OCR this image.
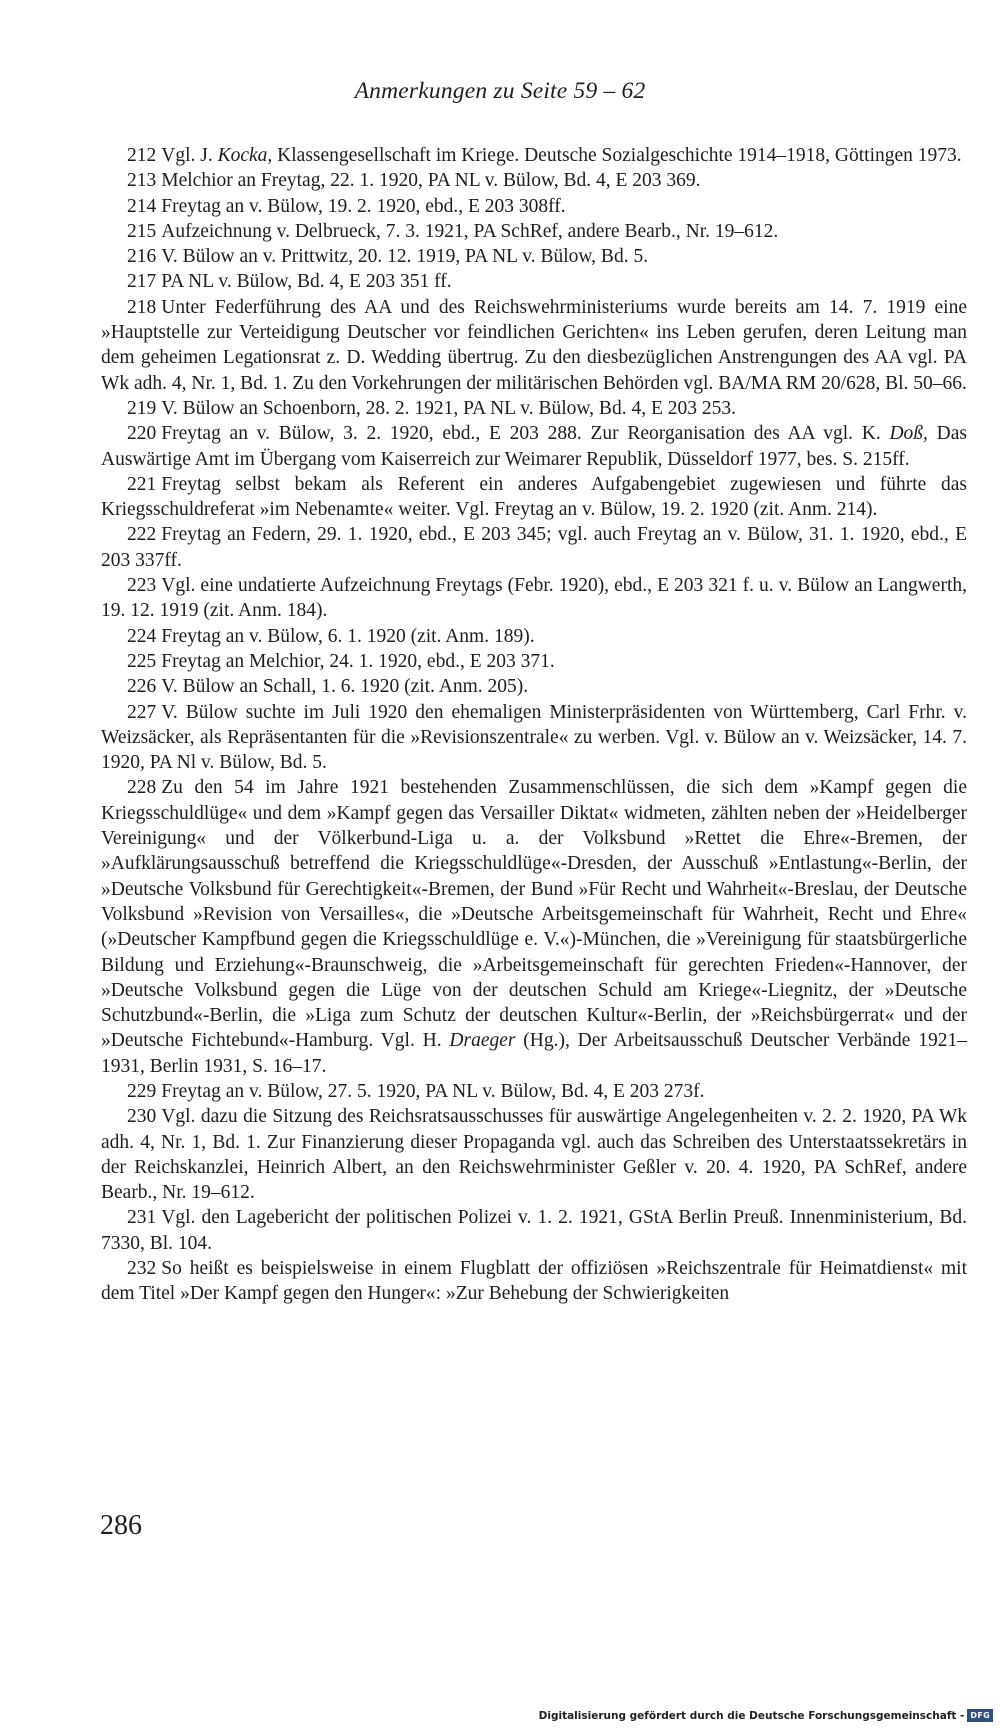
Anmerkungen zu Seite 59 – 62

212 Vgl. J. Kocka, Klassengesellschaft im Kriege. Deutsche Sozialgeschichte 1914–1918, Göttingen 1973.

213 Melchior an Freytag, 22. 1. 1920, PA NL v. Bülow, Bd. 4, E 203 369.

214 Freytag an v. Bülow, 19. 2. 1920, ebd., E 203 308ff.

215 Aufzeichnung v. Delbrueck, 7. 3. 1921, PA SchRef, andere Bearb., Nr. 19–612.

216 V. Bülow an v. Prittwitz, 20. 12. 1919, PA NL v. Bülow, Bd. 5.

217 PA NL v. Bülow, Bd. 4, E 203 351 ff.

218 Unter Federführung des AA und des Reichswehrministeriums wurde bereits am 14. 7. 1919 eine »Hauptstelle zur Verteidigung Deutscher vor feindlichen Gerichten« ins Leben gerufen, deren Leitung man dem geheimen Legationsrat z. D. Wedding übertrug. Zu den diesbezüglichen Anstrengungen des AA vgl. PA Wk adh. 4, Nr. 1, Bd. 1. Zu den Vorkehrungen der militärischen Behörden vgl. BA/MA RM 20/628, Bl. 50–66.

219 V. Bülow an Schoenborn, 28. 2. 1921, PA NL v. Bülow, Bd. 4, E 203 253.

220 Freytag an v. Bülow, 3. 2. 1920, ebd., E 203 288. Zur Reorganisation des AA vgl. K. Doß, Das Auswärtige Amt im Übergang vom Kaiserreich zur Weimarer Republik, Düsseldorf 1977, bes. S. 215ff.

221 Freytag selbst bekam als Referent ein anderes Aufgabengebiet zugewiesen und führte das Kriegsschuldreferat »im Nebenamte« weiter. Vgl. Freytag an v. Bülow, 19. 2. 1920 (zit. Anm. 214).

222 Freytag an Federn, 29. 1. 1920, ebd., E 203 345; vgl. auch Freytag an v. Bülow, 31. 1. 1920, ebd., E 203 337ff.

223 Vgl. eine undatierte Aufzeichnung Freytags (Febr. 1920), ebd., E 203 321 f. u. v. Bülow an Langwerth, 19. 12. 1919 (zit. Anm. 184).

224 Freytag an v. Bülow, 6. 1. 1920 (zit. Anm. 189).

225 Freytag an Melchior, 24. 1. 1920, ebd., E 203 371.

226 V. Bülow an Schall, 1. 6. 1920 (zit. Anm. 205).

227 V. Bülow suchte im Juli 1920 den ehemaligen Ministerpräsidenten von Württemberg, Carl Frhr. v. Weizsäcker, als Repräsentanten für die »Revisionszentrale« zu werben. Vgl. v. Bülow an v. Weizsäcker, 14. 7. 1920, PA Nl v. Bülow, Bd. 5.

228 Zu den 54 im Jahre 1921 bestehenden Zusammenschlüssen, die sich dem »Kampf gegen die Kriegsschuldlüge« und dem »Kampf gegen das Versailler Diktat« widmeten, zählten neben der »Heidelberger Vereinigung« und der Völkerbund-Liga u. a. der Volksbund »Rettet die Ehre«-Bremen, der »Aufklärungsausschuß betreffend die Kriegsschuldlüge«-Dresden, der Ausschuß »Entlastung«-Berlin, der »Deutsche Volksbund für Gerechtigkeit«-Bremen, der Bund »Für Recht und Wahrheit«-Breslau, der Deutsche Volksbund »Revision von Versailles«, die »Deutsche Arbeitsgemeinschaft für Wahrheit, Recht und Ehre« (»Deutscher Kampfbund gegen die Kriegsschuldlüge e. V.«)-München, die »Vereinigung für staatsbürgerliche Bildung und Erziehung«-Braunschweig, die »Arbeitsgemeinschaft für gerechten Frieden«-Hannover, der »Deutsche Volksbund gegen die Lüge von der deutschen Schuld am Kriege«-Liegnitz, der »Deutsche Schutzbund«-Berlin, die »Liga zum Schutz der deutschen Kultur«-Berlin, der »Reichsbürgerrat« und der »Deutsche Fichtebund«-Hamburg. Vgl. H. Draeger (Hg.), Der Arbeitsausschuß Deutscher Verbände 1921–1931, Berlin 1931, S. 16–17.

229 Freytag an v. Bülow, 27. 5. 1920, PA NL v. Bülow, Bd. 4, E 203 273f.

230 Vgl. dazu die Sitzung des Reichsratsausschusses für auswärtige Angelegenheiten v. 2. 2. 1920, PA Wk adh. 4, Nr. 1, Bd. 1. Zur Finanzierung dieser Propaganda vgl. auch das Schreiben des Unterstaatssekretärs in der Reichskanzlei, Heinrich Albert, an den Reichswehrminister Geßler v. 20. 4. 1920, PA SchRef, andere Bearb., Nr. 19–612.

231 Vgl. den Lagebericht der politischen Polizei v. 1. 2. 1921, GStA Berlin Preuß. Innenministerium, Bd. 7330, Bl. 104.

232 So heißt es beispielsweise in einem Flugblatt der offiziösen »Reichszentrale für Heimatdienst« mit dem Titel »Der Kampf gegen den Hunger«: »Zur Behebung der Schwierigkeiten

286
Digitalisierung gefördert durch die Deutsche Forschungsgemeinschaft - DFG
